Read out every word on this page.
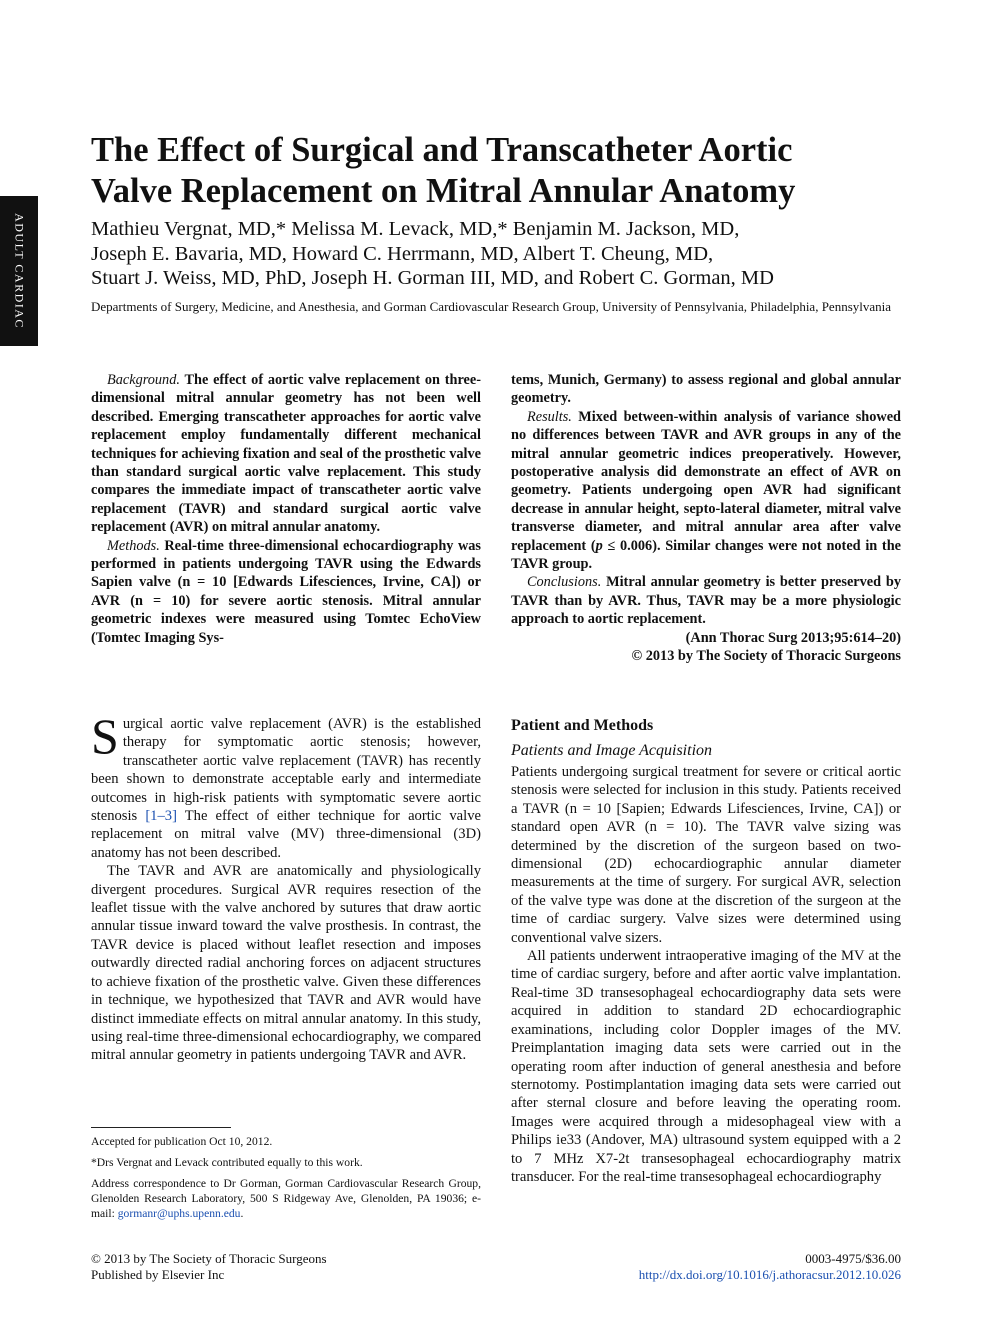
ADULT CARDIAC
The Effect of Surgical and Transcatheter Aortic
Valve Replacement on Mitral Annular Anatomy
Mathieu Vergnat, MD,* Melissa M. Levack, MD,* Benjamin M. Jackson, MD,
Joseph E. Bavaria, MD, Howard C. Herrmann, MD, Albert T. Cheung, MD,
Stuart J. Weiss, MD, PhD, Joseph H. Gorman III, MD, and Robert C. Gorman, MD
Departments of Surgery, Medicine, and Anesthesia, and Gorman Cardiovascular Research Group, University of Pennsylvania, Philadelphia, Pennsylvania

Background. The effect of aortic valve replacement on three-dimensional mitral annular geometry has not been well described. Emerging transcatheter approaches for aortic valve replacement employ fundamentally different mechanical techniques for achieving fixation and seal of the prosthetic valve than standard surgical aortic valve replacement. This study compares the immediate impact of transcatheter aortic valve replacement (TAVR) and standard surgical aortic valve replacement (AVR) on mitral annular anatomy.

Methods. Real-time three-dimensional echocardiography was performed in patients undergoing TAVR using the Edwards Sapien valve (n = 10 [Edwards Lifesciences, Irvine, CA]) or AVR (n = 10) for severe aortic stenosis. Mitral annular geometric indexes were measured using Tomtec EchoView (Tomtec Imaging Sys-

tems, Munich, Germany) to assess regional and global annular geometry.

Results. Mixed between-within analysis of variance showed no differences between TAVR and AVR groups in any of the mitral annular geometric indices preoperatively. However, postoperative analysis did demonstrate an effect of AVR on geometry. Patients undergoing open AVR had significant decrease in annular height, septo-lateral diameter, mitral valve transverse diameter, and mitral annular area after valve replacement (p ≤ 0.006). Similar changes were not noted in the TAVR group.

Conclusions. Mitral annular geometry is better preserved by TAVR than by AVR. Thus, TAVR may be a more physiologic approach to aortic replacement.

(Ann Thorac Surg 2013;95:614–20)

© 2013 by The Society of Thoracic Surgeons

Surgical aortic valve replacement (AVR) is the established therapy for symptomatic aortic stenosis; however, transcatheter aortic valve replacement (TAVR) has recently been shown to demonstrate acceptable early and intermediate outcomes in high-risk patients with symptomatic severe aortic stenosis [1–3] The effect of either technique for aortic valve replacement on mitral valve (MV) three-dimensional (3D) anatomy has not been described.

The TAVR and AVR are anatomically and physiologically divergent procedures. Surgical AVR requires resection of the leaflet tissue with the valve anchored by sutures that draw aortic annular tissue inward toward the valve prosthesis. In contrast, the TAVR device is placed without leaflet resection and imposes outwardly directed radial anchoring forces on adjacent structures to achieve fixation of the prosthetic valve. Given these differences in technique, we hypothesized that TAVR and AVR would have distinct immediate effects on mitral annular anatomy. In this study, using real-time three-dimensional echocardiography, we compared mitral annular geometry in patients undergoing TAVR and AVR.

Patient and Methods
Patients and Image Acquisition

Patients undergoing surgical treatment for severe or critical aortic stenosis were selected for inclusion in this study. Patients received a TAVR (n = 10 [Sapien; Edwards Lifesciences, Irvine, CA]) or standard open AVR (n = 10). The TAVR valve sizing was determined by the discretion of the surgeon based on two-dimensional (2D) echocardiographic annular diameter measurements at the time of surgery. For surgical AVR, selection of the valve type was done at the discretion of the surgeon at the time of cardiac surgery. Valve sizes were determined using conventional valve sizers.

All patients underwent intraoperative imaging of the MV at the time of cardiac surgery, before and after aortic valve implantation. Real-time 3D transesophageal echocardiography data sets were acquired in addition to standard 2D echocardiographic examinations, including color Doppler images of the MV. Preimplantation imaging data sets were carried out in the operating room after induction of general anesthesia and before sternotomy. Postimplantation imaging data sets were carried out after sternal closure and before leaving the operating room. Images were acquired through a midesophageal view with a Philips ie33 (Andover, MA) ultrasound system equipped with a 2 to 7 MHz X7-2t transesophageal echocardiography matrix transducer. For the real-time transesophageal echocardiography

Accepted for publication Oct 10, 2012.

*Drs Vergnat and Levack contributed equally to this work.

Address correspondence to Dr Gorman, Gorman Cardiovascular Research Group, Glenolden Research Laboratory, 500 S Ridgeway Ave, Glenolden, PA 19036; e-mail: gormanr@uphs.upenn.edu.

© 2013 by The Society of Thoracic Surgeons
Published by Elsevier Inc
0003-4975/$36.00
http://dx.doi.org/10.1016/j.athoracsur.2012.10.026
